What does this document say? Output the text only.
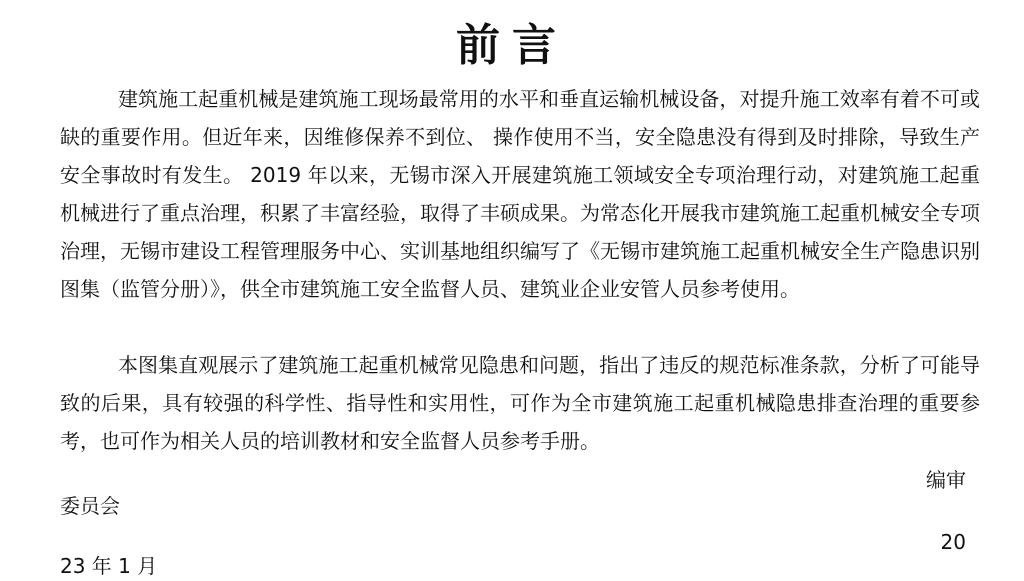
前言
建筑施工起重机械是建筑施工现场最常用的水平和垂直运输机械设备，对提升施工效率有着不可或缺的重要作用。但近年来，因维修保养不到位、 操作使用不当，安全隐患没有得到及时排除，导致生产安全事故时有发生。 2019 年以来，无锡市深入开展建筑施工领域安全专项治理行动，对建筑施工起重机械进行了重点治理，积累了丰富经验，取得了丰硕成果。为常态化开展我市建筑施工起重机械安全专项治理，无锡市建设工程管理服务中心、实训基地组织编写了《无锡市建筑施工起重机械安全生产隐患识别图集（监管分册）》，供全市建筑施工安全监督人员、建筑业企业安管人员参考使用。
本图集直观展示了建筑施工起重机械常见隐患和问题，指出了违反的规范标准条款，分析了可能导致的后果，具有较强的科学性、指导性和实用性，可作为全市建筑施工起重机械隐患排查治理的重要参考，也可作为相关人员的培训教材和安全监督人员参考手册。
编审
委员会
20
23 年 1 月
